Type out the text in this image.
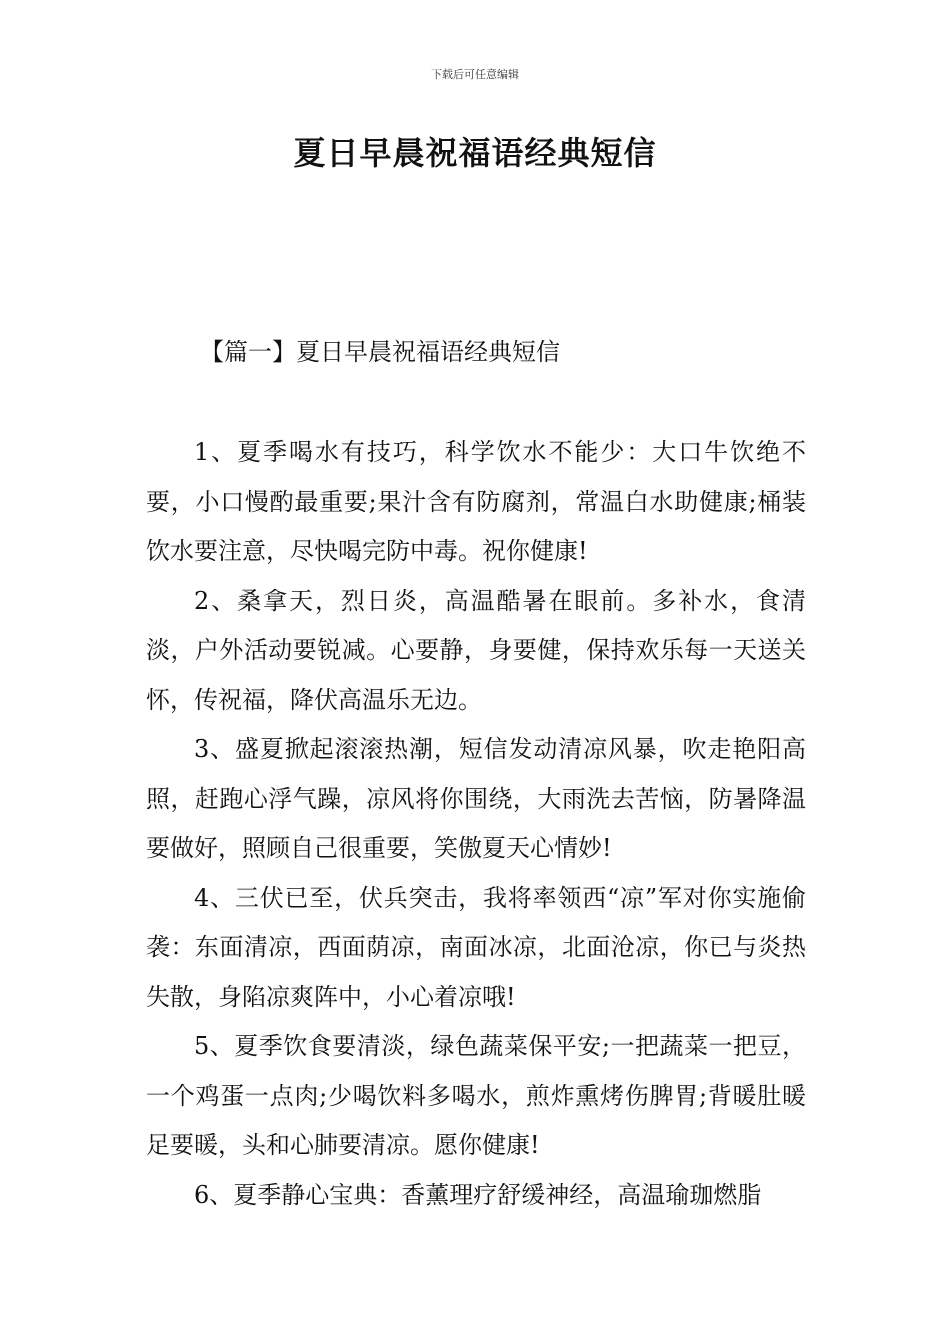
下载后可任意编辑
夏日早晨祝福语经典短信
【篇一】夏日早晨祝福语经典短信

1、夏季喝水有技巧，科学饮水不能少：大口牛饮绝不要，小口慢酌最重要;果汁含有防腐剂，常温白水助健康;桶装饮水要注意，尽快喝完防中毒。祝你健康!

2、桑拿天，烈日炎，高温酷暑在眼前。多补水，食清淡，户外活动要锐减。心要静，身要健，保持欢乐每一天送关怀，传祝福，降伏高温乐无边。

3、盛夏掀起滚滚热潮，短信发动清凉风暴，吹走艳阳高照，赶跑心浮气躁，凉风将你围绕，大雨洗去苦恼，防暑降温要做好，照顾自己很重要，笑傲夏天心情妙!

4、三伏已至，伏兵突击，我将率领西“凉”军对你实施偷袭：东面清凉，西面荫凉，南面冰凉，北面沧凉，你已与炎热失散，身陷凉爽阵中，小心着凉哦!

5、夏季饮食要清淡，绿色蔬菜保平安;一把蔬菜一把豆，一个鸡蛋一点肉;少喝饮料多喝水，煎炸熏烤伤脾胃;背暖肚暖足要暖，头和心肺要清凉。愿你健康!

6、夏季静心宝典：香薰理疗舒缓神经，高温瑜珈燃脂
